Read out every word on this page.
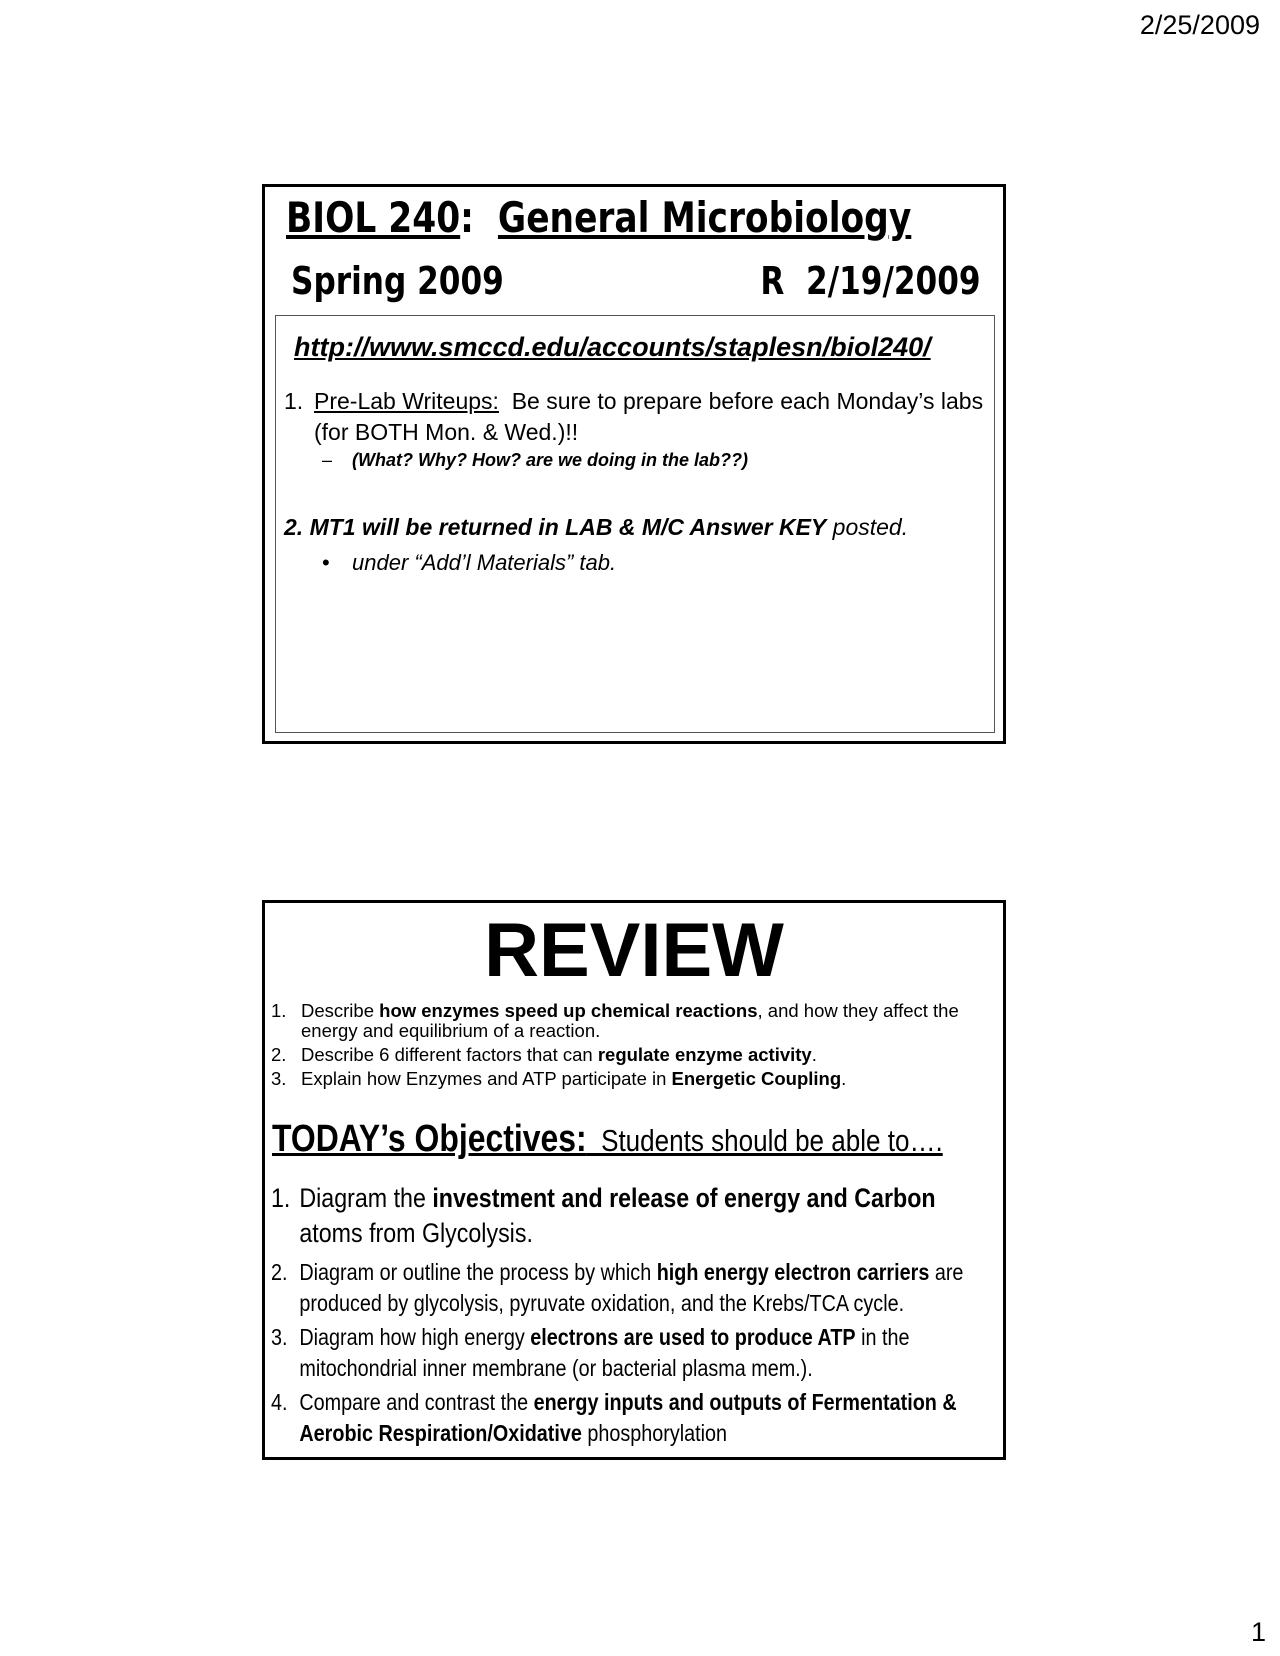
2/25/2009
BIOL 240: General Microbiology
Spring 2009	R  2/19/2009
http://www.smccd.edu/accounts/staplesn/biol240/
1. Pre-Lab Writeups:  Be sure to prepare before each Monday’s labs (for BOTH Mon. & Wed.)!!
– (What? Why? How? are we doing in the lab??)
2. MT1 will be returned in LAB & M/C Answer KEY posted.
• under “Add’l Materials” tab.
REVIEW
1. Describe how enzymes speed up chemical reactions, and how they affect the energy and equilibrium of a reaction.
2. Describe 6 different factors that can regulate enzyme activity.
3. Explain how Enzymes and ATP participate in Energetic Coupling.
TODAY’s Objectives:  Students should be able to….
1. Diagram the investment and release of energy and Carbon atoms from Glycolysis.
2. Diagram or outline the process by which high energy electron carriers are produced by glycolysis, pyruvate oxidation, and the Krebs/TCA cycle.
3. Diagram how high energy electrons are used to produce ATP in the mitochondrial inner membrane (or bacterial plasma mem.).
4. Compare and contrast the energy inputs and outputs of Fermentation & Aerobic Respiration/Oxidative phosphorylation
1
